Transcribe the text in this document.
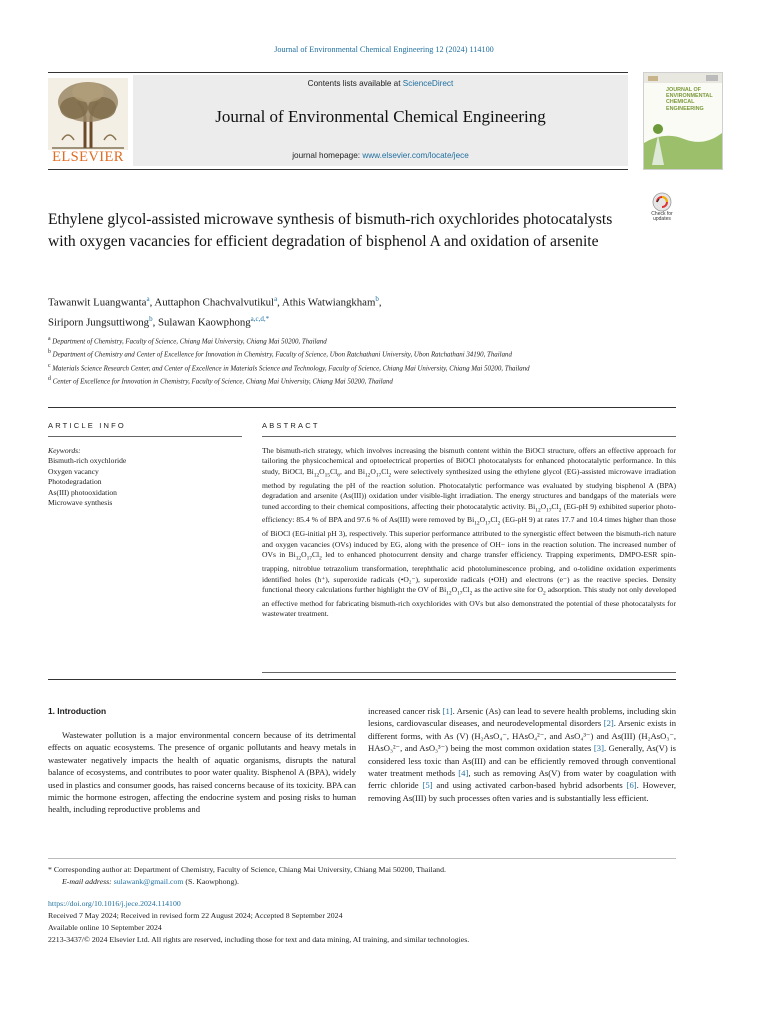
Journal of Environmental Chemical Engineering 12 (2024) 114100
ELSEVIER
Contents lists available at ScienceDirect
Journal of Environmental Chemical Engineering
journal homepage: www.elsevier.com/locate/jece
JOURNAL OF
ENVIRONMENTAL
CHEMICAL
ENGINEERING
Check for
updates
Ethylene glycol-assisted microwave synthesis of bismuth-rich oxychlorides photocatalysts with oxygen vacancies for efficient degradation of bisphenol A and oxidation of arsenite
Tawanwit Luangwanta$^a$, Auttaphon Chachvalvutikul$^a$, Athis Watwiangkham$^b$,
Siriporn Jungsuttiwong$^b$, Sulawan Kaowphong$^{a,c,d,*}$
$^a$ Department of Chemistry, Faculty of Science, Chiang Mai University, Chiang Mai 50200, Thailand
$^b$ Department of Chemistry and Center of Excellence for Innovation in Chemistry, Faculty of Science, Ubon Ratchathani University, Ubon Ratchathani 34190, Thailand
$^c$ Materials Science Research Center, and Center of Excellence in Materials Science and Technology, Faculty of Science, Chiang Mai University, Chiang Mai 50200, Thailand
$^d$ Center of Excellence for Innovation in Chemistry, Faculty of Science, Chiang Mai University, Chiang Mai 50200, Thailand
ARTICLE INFO	ABSTRACT
Keywords:
Bismuth-rich oxychloride
Oxygen vacancy
Photodegradation
As(III) photooxidation
Microwave synthesis
The bismuth-rich strategy, which involves increasing the bismuth content within the BiOCl structure, offers an effective approach for tailoring the physicochemical and optoelectrical properties of BiOCl photocatalysts for enhanced photocatalytic performance. In this study, BiOCl, $Bi_{12}O_{15}Cl_6$, and $Bi_{12}O_{17}Cl_2$ were selectively synthesized using the ethylene glycol (EG)-assisted microwave irradiation method by regulating the pH of the reaction solution. Photocatalytic performance was evaluated by studying bisphenol A (BPA) degradation and arsenite (As(III)) oxidation under visible-light irradiation. The energy structures and bandgaps of the materials were tuned according to their chemical compositions, affecting their photocatalytic activity. $Bi_{12}O_{17}Cl_2$ (EG-pH 9) exhibited superior photo-efficiency: 85.4 % of BPA and 97.6 % of As(III) were removed by $Bi_{12}O_{17}Cl_2$ (EG-pH 9) at rates 17.7 and 10.4 times higher than those of BiOCl (EG-initial pH 3), respectively. This superior performance attributed to the synergistic effect between the bismuth-rich nature and oxygen vacancies (OVs) induced by EG, along with the presence of OH− ions in the reaction solution. The increased number of OVs in $Bi_{12}O_{17}Cl_2$ led to enhanced photocurrent density and charge transfer efficiency. Trapping experiments, DMPO-ESR spin-trapping, nitroblue tetrazolium transformation, terephthalic acid photoluminescence probing, and o-tolidine oxidation experiments identified holes (h⁺), superoxide radicals (•O₂⁻), superoxide radicals (•OH) and electrons (e⁻) as the reactive species. Density functional theory calculations further highlight the OV of $Bi_{12}O_{17}Cl_2$ as the active site for $O_2$ adsorption. This study not only developed an effective method for fabricating bismuth-rich oxychlorides with OVs but also demonstrated the potential of these photocatalysts for wastewater treatment.
1. Introduction
Wastewater pollution is a major environmental concern because of its detrimental effects on aquatic ecosystems. The presence of organic pollutants and heavy metals in wastewater negatively impacts the health of aquatic organisms, disrupts the natural balance of ecosystems, and contributes to poor water quality. Bisphenol A (BPA), widely used in plastics and consumer goods, has raised concerns because of its toxicity. BPA can mimic the hormone estrogen, affecting the endocrine system and posing risks to human health, including reproductive problems and
increased cancer risk [1]. Arsenic (As) can lead to severe health problems, including skin lesions, cardiovascular diseases, and neurodevelopmental disorders [2]. Arsenic exists in different forms, with As (V) (H₂AsO₄⁻, HAsO₄²⁻, and AsO₄³⁻) and As(III) (H₂AsO₃⁻, HAsO₃²⁻, and AsO₃³⁻) being the most common oxidation states [3]. Generally, As(V) is considered less toxic than As(III) and can be efficiently removed through conventional water treatment methods [4], such as removing As(V) from water by coagulation with ferric chloride [5] and using activated carbon-based hybrid adsorbents [6]. However, removing As(III) by such processes often varies and is substantially less efficient.
* Corresponding author at: Department of Chemistry, Faculty of Science, Chiang Mai University, Chiang Mai 50200, Thailand.
E-mail address: sulawank@gmail.com (S. Kaowphong).
https://doi.org/10.1016/j.jece.2024.114100
Received 7 May 2024; Received in revised form 22 August 2024; Accepted 8 September 2024
Available online 10 September 2024
2213-3437/© 2024 Elsevier Ltd. All rights are reserved, including those for text and data mining, AI training, and similar technologies.
